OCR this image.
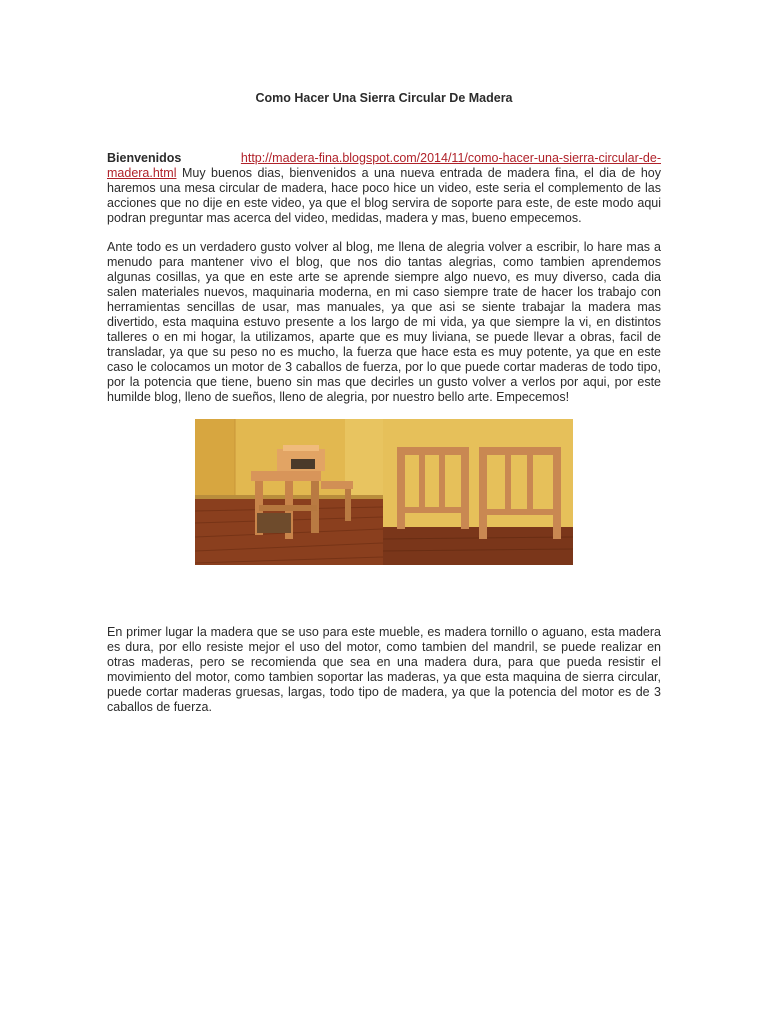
Como Hacer Una Sierra Circular De Madera

Bienvenidos	http://madera-fina.blogspot.com/2014/11/como-hacer-una-sierra-circular-de-madera.html Muy buenos dias, bienvenidos a una nueva entrada de madera fina, el dia de hoy haremos una mesa circular de madera, hace poco hice un video, este seria el complemento de las acciones que no dije en este video, ya que el blog servira de soporte para este, de este modo aqui podran preguntar mas acerca del video, medidas, madera y mas, bueno empecemos.

Ante todo es un verdadero gusto volver al blog, me llena de alegria volver a escribir, lo hare mas a menudo para mantener vivo el blog, que nos dio tantas alegrias, como tambien aprendemos algunas cosillas, ya que en este arte se aprende siempre algo nuevo, es muy diverso, cada dia salen materiales nuevos, maquinaria moderna, en mi caso siempre trate de hacer los trabajo con herramientas sencillas de usar, mas manuales, ya que asi se siente trabajar la madera mas divertido, esta maquina estuvo presente a los largo de mi vida, ya que siempre la vi, en distintos talleres o en mi hogar, la utilizamos, aparte que es muy liviana, se puede llevar a obras, facil de transladar, ya que su peso no es mucho, la fuerza que hace esta es muy potente, ya que en este caso le colocamos un motor de 3 caballos de fuerza, por lo que puede cortar maderas de todo tipo, por la potencia que tiene, bueno sin mas que decirles un gusto volver a verlos por aqui, por este humilde blog, lleno de sueños, lleno de alegria, por nuestro bello arte. Empecemos!

En primer lugar la madera que se uso para este mueble, es madera tornillo o aguano, esta madera es dura, por ello resiste mejor el uso del motor, como tambien del mandril, se puede realizar en otras maderas, pero se recomienda que sea en una madera dura, para que pueda resistir el movimiento del motor, como tambien soportar las maderas, ya que esta maquina de sierra circular, puede cortar maderas gruesas, largas, todo tipo de madera, ya que la potencia del motor es de 3 caballos de fuerza.
